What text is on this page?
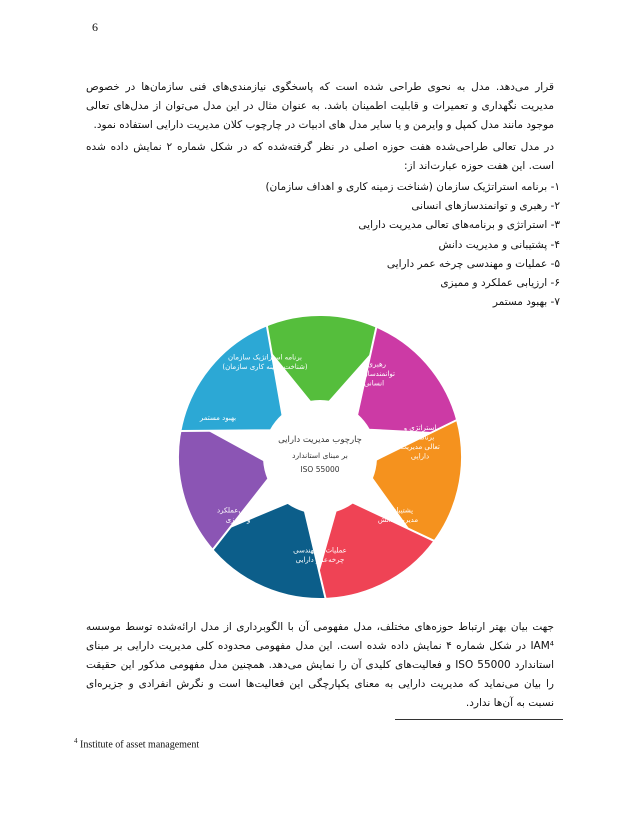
6

قرار می‌دهد. مدل به نحوی طراحی شده است که پاسخگوی نیازمندی‌های فنی سازمان‌ها در خصوص مدیریت نگهداری و تعمیرات و قابلیت اطمینان باشد. به عنوان مثال در این مدل می‌توان از مدل‌های تعالی موجود مانند مدل کمپل و وایرمن و یا سایر مدل های ادبیات در چارچوب کلان مدیریت دارایی استفاده نمود.

در مدل تعالی طراحی‌شده هفت حوزه اصلی در نظر گرفته‌شده که در شکل شماره ۲ نمایش داده شده است. این هفت حوزه عبارت‌اند از:

۱- برنامه استراتژیک سازمان (شناخت زمینه کاری و اهداف سازمان)
۲- رهبری و توانمندسازهای انسانی
۳- استراتژی و برنامه‌های تعالی مدیریت دارایی
۴- پشتیبانی و مدیریت دانش
۵- عملیات و مهندسی چرخه عمر دارایی
۶- ارزیابی عملکرد و ممیزی
۷- بهبود مستمر
برنامه استراتژیک سازمان
(شناخت زمینه کاری سازمان)	رهبری و
توانمندسازهای
انسانی
استراتژی و
برنامه‌های
تعالی مدیریت
دارایی
پشتیبانی و
مدیریت دانش
عملیات و مهندسی
چرخه‌عمر دارایی
ارزیابی‌عملکرد
و ممیزی
بهبود مستمر
چارچوب مدیریت دارایی
بر مبنای استاندارد
ISO 55000

جهت بیان بهتر ارتباط حوزه‌های مختلف، مدل مفهومی آن با الگوبرداری از مدل ارائه‌شده توسط موسسه IAM⁴ در شکل شماره ۴ نمایش داده شده است. این مدل مفهومی محدوده کلی مدیریت دارایی بر مبنای استاندارد ISO 55000 و فعالیت‌های کلیدی آن را نمایش می‌دهد. همچنین مدل مفهومی مذکور این حقیقت را بیان می‌نماید که مدیریت دارایی به معنای یکپارچگی این فعالیت‌ها است و نگرش انفرادی و جزیره‌ای نسبت به آن‌ها ندارد.

$^4$ Institute of asset management
